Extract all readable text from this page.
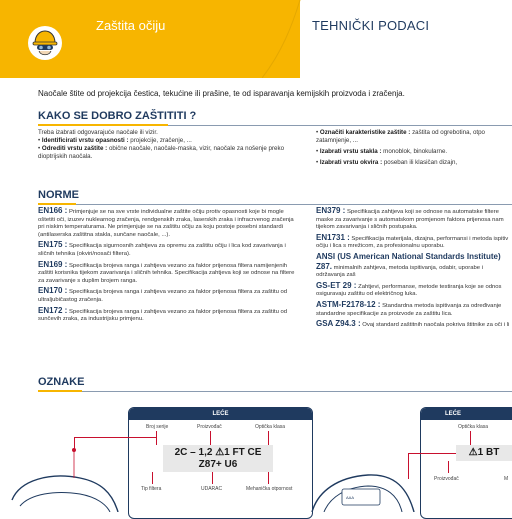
Zaštita očiju	TEHNIČKI PODACI
Naočale štite od projekcija čestica, tekućine ili prašine, te od isparavanja kemijskih proizvoda i zračenja.
KAKO SE DOBRO ZAŠTITITI ?
Treba izabrati odgovarajuće naočale ili vizir.
• Identificirati vrstu opasnosti : projekcije, zračenje, ...
• Odrediti vrstu zaštite : obične naočale, naočale-maska, vizir, naočale za nošenje preko dioptrijskih naočala.
• Označiti karakteristike zaštite : zaštita od ogrebotina, otpo zatamnjenje, ...
• Izabrati vrstu stakla : monoblok, binokularne.
• Izabrati vrstu okvira : poseban ili klasičan dizajn,
NORME

EN166 : Primjenjuje se na sve vrste individualne zaštite očiju protiv opasnosti koje bi mogle oštetiti oči, izuzev nuklearnog zračenja, rendgenskih zraka, laserskih zraka i infracrvenog zračenja pri niskim temperaturama. Ne primjenjuje se na zaštitu očiju za koju postoje posebni standardi (antilaserska zaštitna stakla, sunčane naočale, ...).

EN175 : Specifikacija sigurnosnih zahtjeva za opremu za zaštitu očiju i lica kod zavarivanja i sličnih tehnika (okviri/nosači filtera).

EN169 : Specifikacija brojeva ranga i zahtjeva vezano za faktor prijenosa filtera namijenjenih zaštiti korisnika tijekom zavarivanja i sličnih tehnika. Specifikacija zahtjeva koji se odnose na filtere za zavarivanje s duplim brojem ranga.

EN170 : Specifikacija brojeva ranga i zahtjeva vezano za faktor prijenosa filtera za zaštitu od ultraljubičastog zračenja.

EN172 : Specifikacija brojeva ranga i zahtjeva vezano za faktor prijenosa filtera za zaštitu od sunčevih zraka, za industrijsku primjenu.

EN379 : Specifikacija zahtjeva koji se odnose na automatske filtere maske za zavarivanje s automatskom promjenom faktora prijenosa nam tijekom zavarivanja i sličnih postupaka.

EN1731 : Specifikacija materijala, dizajna, performansi i metoda ispitiv očiju i lica s mrežicom, za profesionalnu uporabu.

ANSI (US American National Standards Institute) Z87. minimalnih zahtjeva, metoda ispitivanja, odabir, uporabe i održavanja zaš

GS-ET 29 : Zahtjevi, performanse, metode testiranja koje se odnos osiguravaju zaštitu od električnog luka.

ASTM-F2178-12 : Standardna metoda ispitivanja za određivanje standardne specifikacije za proizvode za zaštitu lica.

GSA Z94.3 : Ovaj standard zaštitnih naočala pokriva štitnike za oči i li

OZNAKE
LEĆE
Broj serije	Proizvođač	Optička klasa
2C – 1,2 ⚠1 FT CE
Z87+ U6
Tip filtera	UDARAC	Mehanička otpornost
AAA
LEĆE
Optička klasa
⚠1 BT
Proizvođač	M
